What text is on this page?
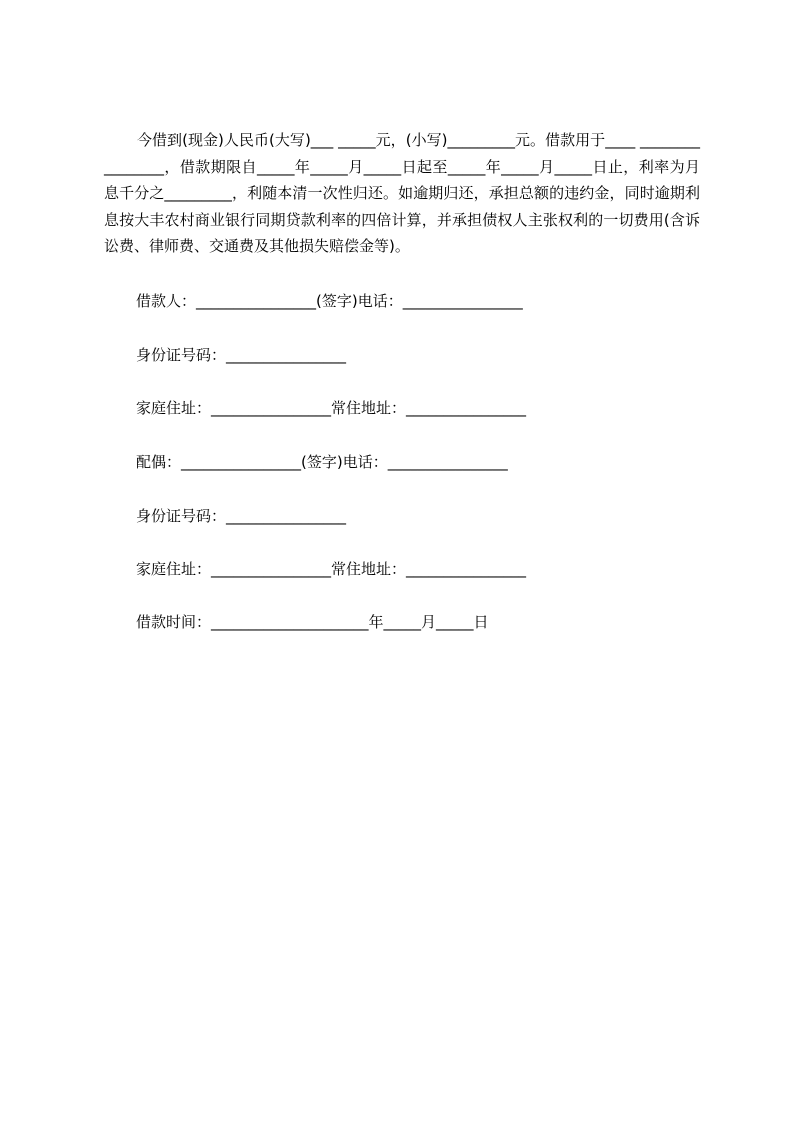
今借到(现金)人民币(大写)___ _____元，(小写)_________元。借款用于____ ________________，借款期限自_____年_____月_____日起至_____年_____月_____日止，利率为月息千分之_________，利随本清一次性归还。如逾期归还，承担总额的违约金，同时逾期利息按大丰农村商业银行同期贷款利率的四倍计算，并承担债权人主张权利的一切费用(含诉讼费、律师费、交通费及其他损失赔偿金等)。

借款人：________________(签字)电话：________________

身份证号码：________________

家庭住址：________________常住地址：________________

配偶：________________(签字)电话：________________

身份证号码：________________

家庭住址：________________常住地址：________________

借款时间：_____________________年_____月_____日
